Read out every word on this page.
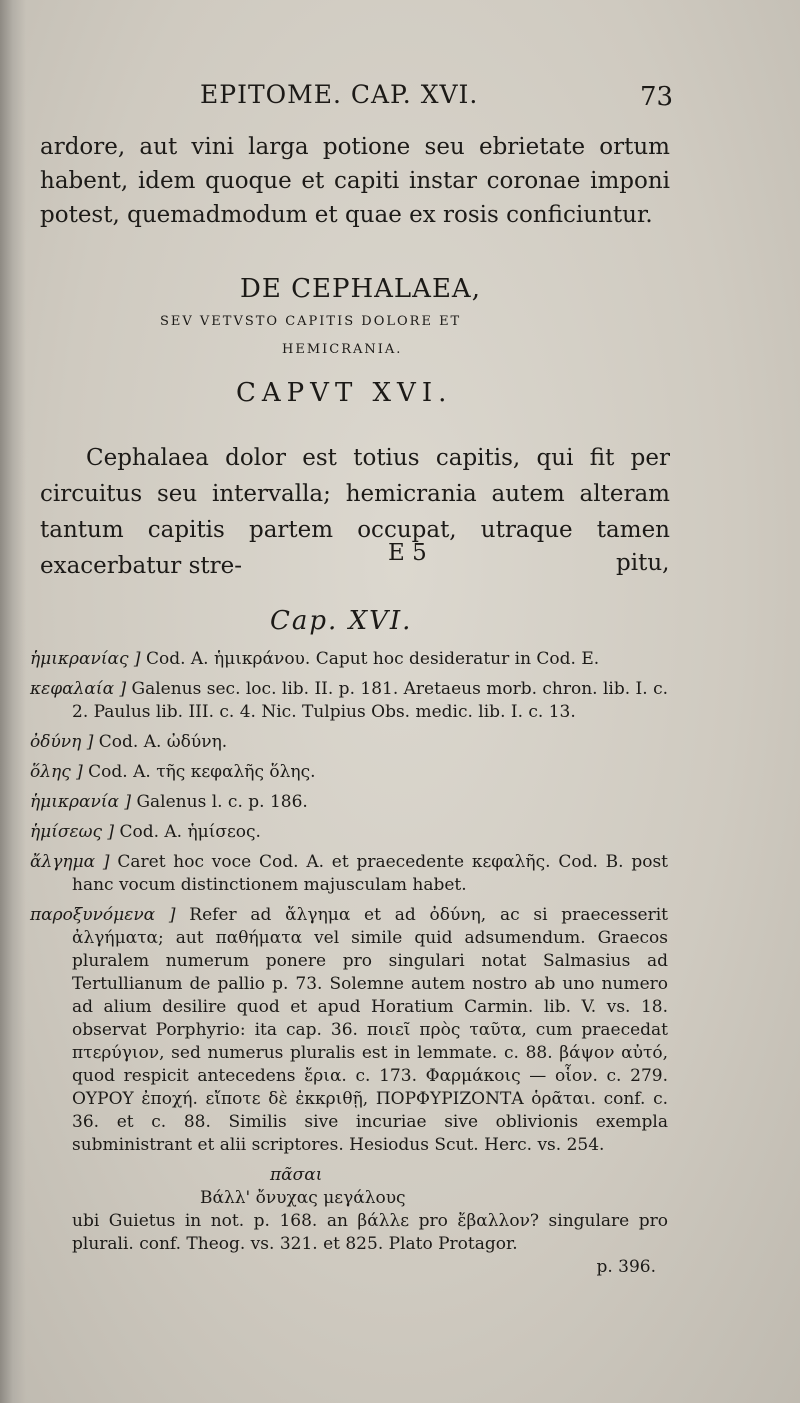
EPITOME. CAP. XVI.	73

ardore, aut vini larga potione seu ebrietate ortum habent, idem quoque et capiti instar coronae imponi potest, quemadmodum et quae ex rosis conficiuntur.

DE CEPHALAEA,
SEV VETVSTO CAPITIS DOLORE ET
HEMICRANIA.
CAPVT XVI.

Cephalaea dolor est totius capitis, qui fit per circuitus seu intervalla; hemicrania autem alteram tantum capitis partem occupat, utraque tamen exacerbatur stre-	E 5	pitu,
Cap. XVI.

ἡμικρανίας ] Cod. A. ἡμικράνου. Caput hoc desideratur in Cod. E.

κεφαλαία ] Galenus sec. loc. lib. II. p. 181. Aretaeus morb. chron. lib. I. c. 2. Paulus lib. III. c. 4. Nic. Tulpius Obs. medic. lib. I. c. 13.

ὀδύνη ] Cod. A. ὠδύνη.

ὅλης ] Cod. A. τῆς κεφαλῆς ὅλης.

ἡμικρανία ] Galenus l. c. p. 186.

ἡμίσεως ] Cod. A. ἡμίσεος.

ἄλγημα ] Caret hoc voce Cod. A. et praecedente κεφαλῆς. Cod. B. post hanc vocum distinctionem majusculam habet.

παροξυνόμενα ] Refer ad ἄλγημα et ad ὀδύνη, ac si praecesserit ἀλγήματα; aut παθήματα vel simile quid adsumendum. Graecos pluralem numerum ponere pro singulari notat Salmasius ad Tertullianum de pallio p. 73. Solemne autem nostro ab uno numero ad alium desilire quod et apud Horatium Carmin. lib. V. vs. 18. observat Porphyrio: ita cap. 36. ποιεῖ πρὸς ταῦτα, cum praecedat πτερύγιον, sed numerus pluralis est in lemmate. c. 88. βάψον αὐτό, quod respicit antecedens ἔρια. c. 173. Φαρμάκοις — οἷον. c. 279. ΟΥΡΟΥ ἐποχή. εἴποτε δὲ ἐκκριθῇ, ΠΟΡΦΥΡΙΖΟΝΤΑ ὁρᾶται. conf. c. 36. et c. 88. Similis sive incuriae sive oblivionis exempla subministrant et alii scriptores. Hesiodus Scut. Herc. vs. 254.

πᾶσαι

Βάλλ' ὄνυχας μεγάλους

ubi Guietus in not. p. 168. an βάλλε pro ἔβαλλον? singulare pro plurali. conf. Theog. vs. 321. et 825. Plato Protagor.

p. 396.
